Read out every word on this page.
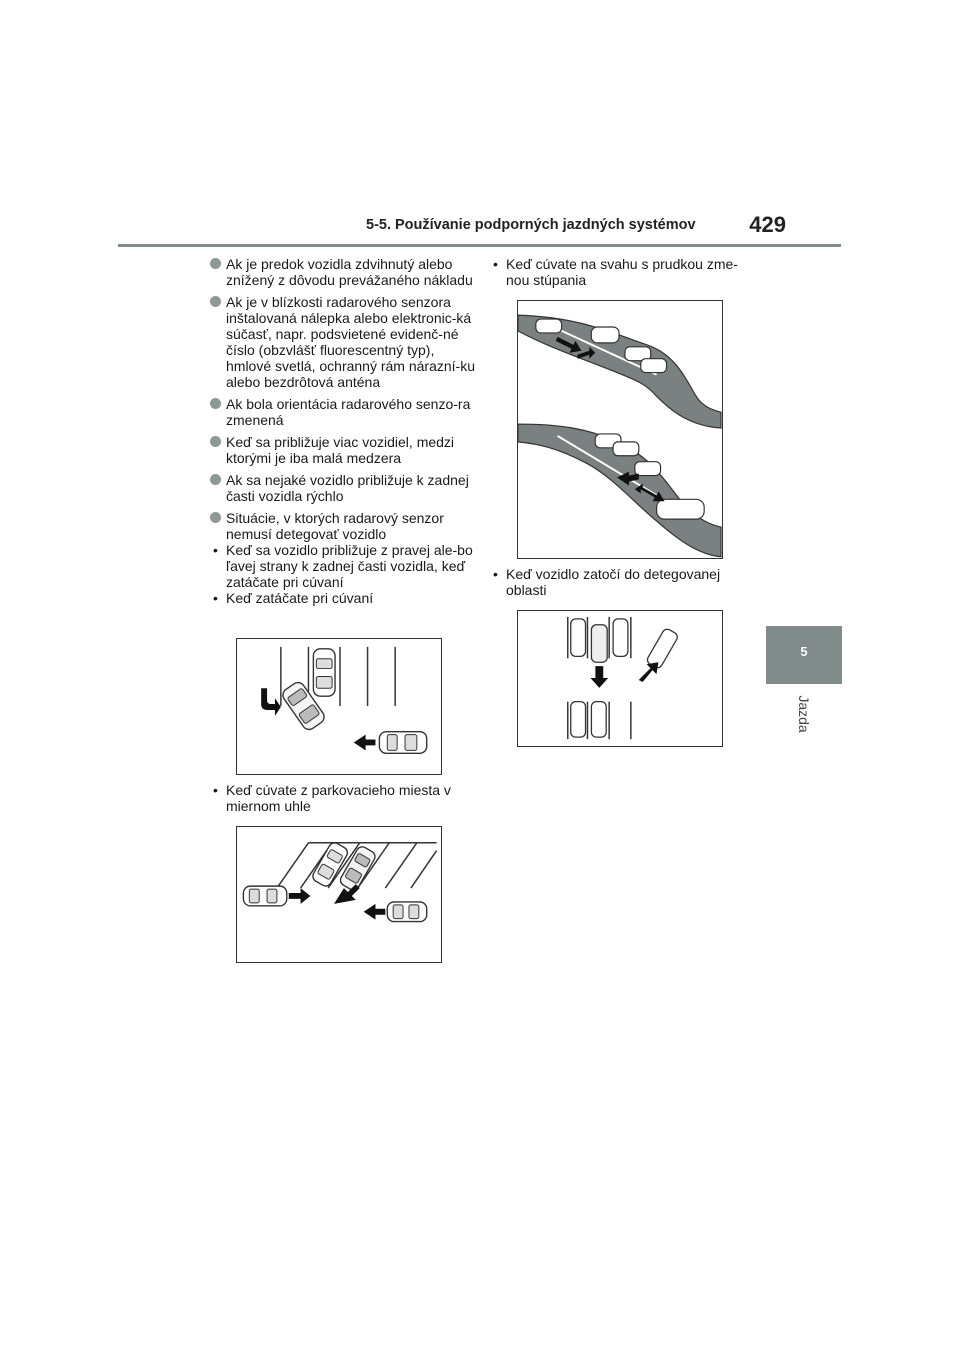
5-5. Používanie podporných jazdných systémov 429
5
Jazda
Ak je predok vozidla zdvihnutý alebo znížený z dôvodu prevážaného nákladu
Ak je v blízkosti radarového senzora inštalovaná nálepka alebo elektronic-ká súčasť, napr. podsvietené evidenč-né číslo (obzvlášť fluorescentný typ), hmlové svetlá, ochranný rám nárazní-ku alebo bezdrôtová anténa
Ak bola orientácia radarového senzo-ra zmenená
Keď sa približuje viac vozidiel, medzi ktorými je iba malá medzera
Ak sa nejaké vozidlo približuje k zadnej časti vozidla rýchlo
Situácie, v ktorých radarový senzor nemusí detegovať vozidlo
• Keď sa vozidlo približuje z pravej ale-bo ľavej strany k zadnej časti vozidla, keď zatáčate pri cúvaní
• Keď zatáčate pri cúvaní
• Keď cúvate z parkovacieho miesta v miernom uhle
• Keď cúvate na svahu s prudkou zme-nou stúpania
• Keď vozidlo zatočí do detegovanej oblasti
